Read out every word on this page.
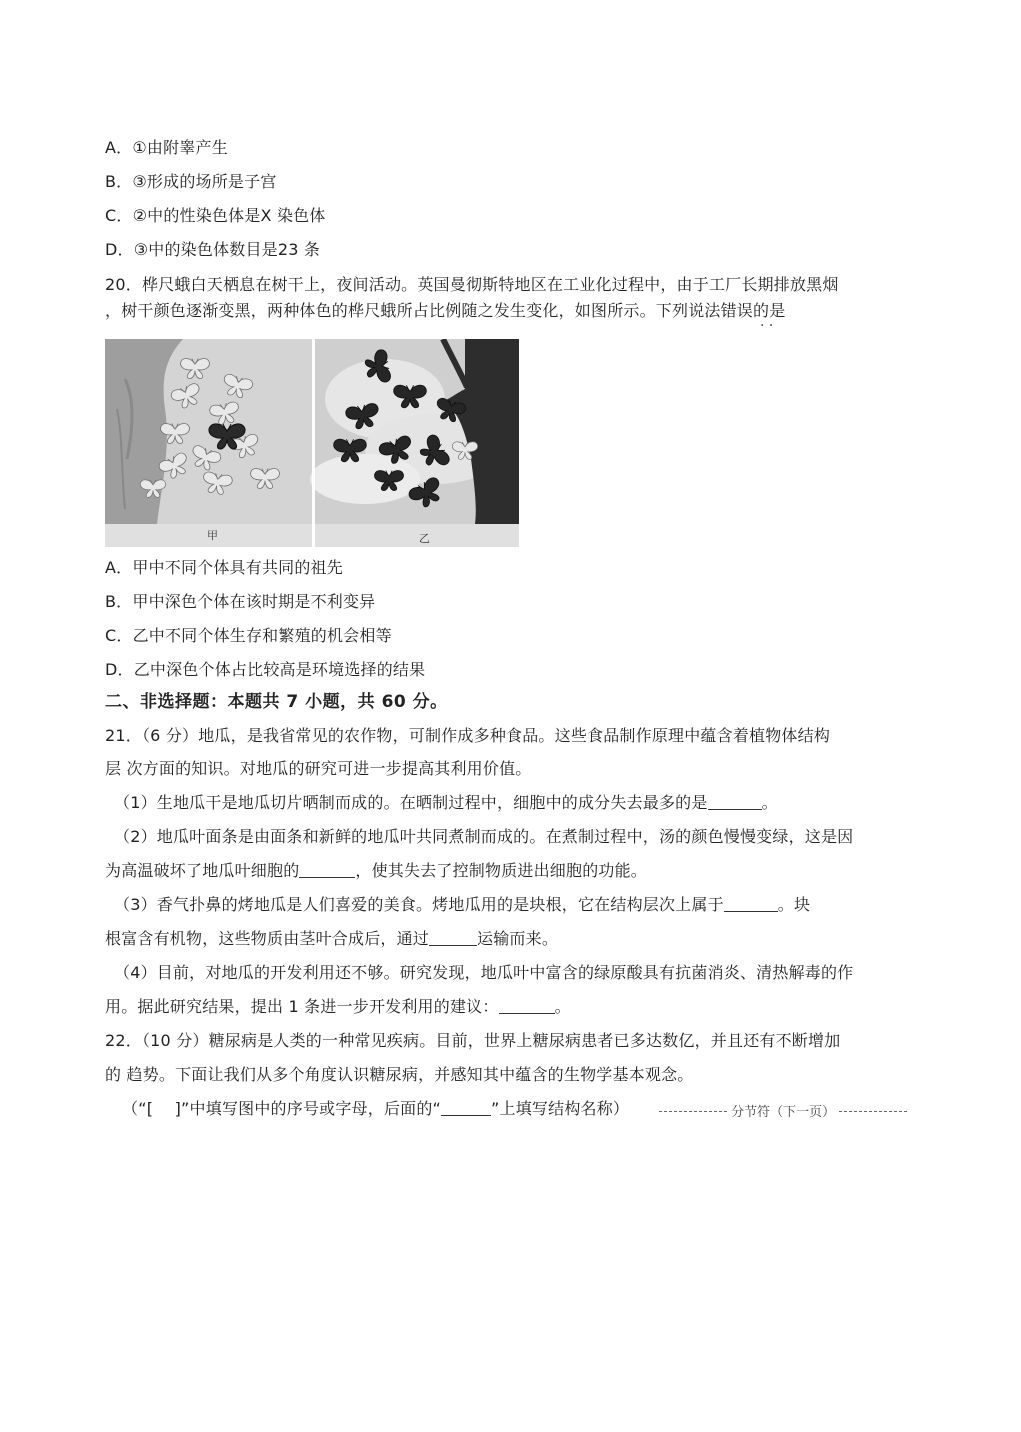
A．①由附睾产生
B．③形成的场所是子宫
C．②中的性染色体是X 染色体
D．③中的染色体数目是23 条
20．桦尺蛾白天栖息在树干上，夜间活动。英国曼彻斯特地区在工业化过程中，由于工厂长期排放黑烟
，树干颜色逐渐变黑，两种体色的桦尺蛾所占比例随之发生变化，如图所示。下列说法错误的是
· ·
甲	乙
A．甲中不同个体具有共同的祖先
B．甲中深色个体在该时期是不利变异
C．乙中不同个体生存和繁殖的机会相等
D．乙中深色个体占比较高是环境选择的结果
二、非选择题：本题共 7 小题，共 60 分。
21．（6 分）地瓜，是我省常见的农作物，可制作成多种食品。这些食品制作原理中蕴含着植物体结构
层 次方面的知识。对地瓜的研究可进一步提高其利用价值。
（1）生地瓜干是地瓜切片晒制而成的。在晒制过程中，细胞中的成分失去最多的是	。
（2）地瓜叶面条是由面条和新鲜的地瓜叶共同煮制而成的。在煮制过程中，汤的颜色慢慢变绿，这是因
为高温破坏了地瓜叶细胞的	，使其失去了控制物质进出细胞的功能。
（3）香气扑鼻的烤地瓜是人们喜爱的美食。烤地瓜用的是块根，它在结构层次上属于	。块
根富含有机物，这些物质由茎叶合成后，通过	运输而来。
（4）目前，对地瓜的开发利用还不够。研究发现，地瓜叶中富含的绿原酸具有抗菌消炎、清热解毒的作
用。据此研究结果，提出 1 条进一步开发利用的建议：	。
22．（10 分）糖尿病是人类的一种常见疾病。目前，世界上糖尿病患者已多达数亿，并且还有不断增加
的 趋势。下面让我们从多个角度认识糖尿病，并感知其中蕴含的生物学基本观念。
（“[　 ]”中填写图中的序号或字母，后面的“	”上填写结构名称）	分节符（下一页）
